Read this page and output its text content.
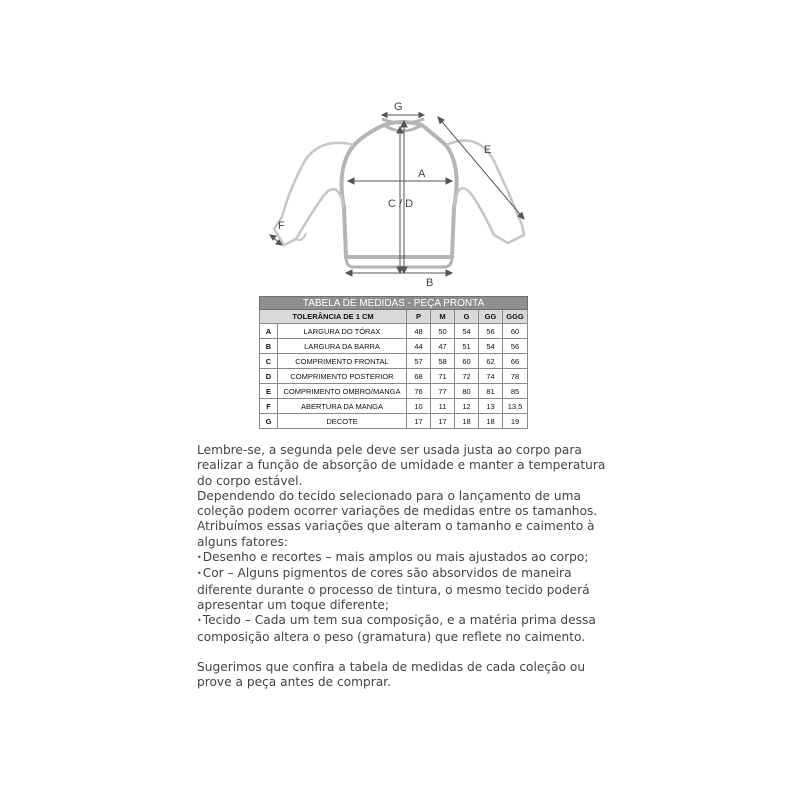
G
A
C / D
E
F
B
TABELA DE MEDIDAS - PEÇA PRONTA						
TOLERÂNCIA DE 1 CM		P	M	G	GG	GGG
A	LARGURA DO TÓRAX	48	50	54	56	60
B	LARGURA DA BARRA	44	47	51	54	56
C	COMPRIMENTO FRONTAL	57	58	60	62	66
D	COMPRIMENTO POSTERIOR	68	71	72	74	78
E	COMPRIMENTO OMBRO/MANGA	76	77	80	81	85
F	ABERTURA DA MANGA	10	11	12	13	13,5
G	DECOTE	17	17	18	18	19

Lembre-se, a segunda pele deve ser usada justa ao corpo para realizar a função de absorção de umidade e manter a temperatura do corpo estável.

Dependendo do tecido selecionado para o lançamento de uma coleção podem ocorrer variações de medidas entre os tamanhos.

Atribuímos essas variações que alteram o tamanho e caimento à alguns fatores:

•Desenho e recortes – mais amplos ou mais ajustados ao corpo;

•Cor – Alguns pigmentos de cores são absorvidos de maneira diferente durante o processo de tintura, o mesmo tecido poderá apresentar um toque diferente;

•Tecido – Cada um tem sua composição, e a matéria prima dessa composição altera o peso (gramatura) que reflete no caimento.

Sugerimos que confira a tabela de medidas de cada coleção ou prove a peça antes de comprar.
